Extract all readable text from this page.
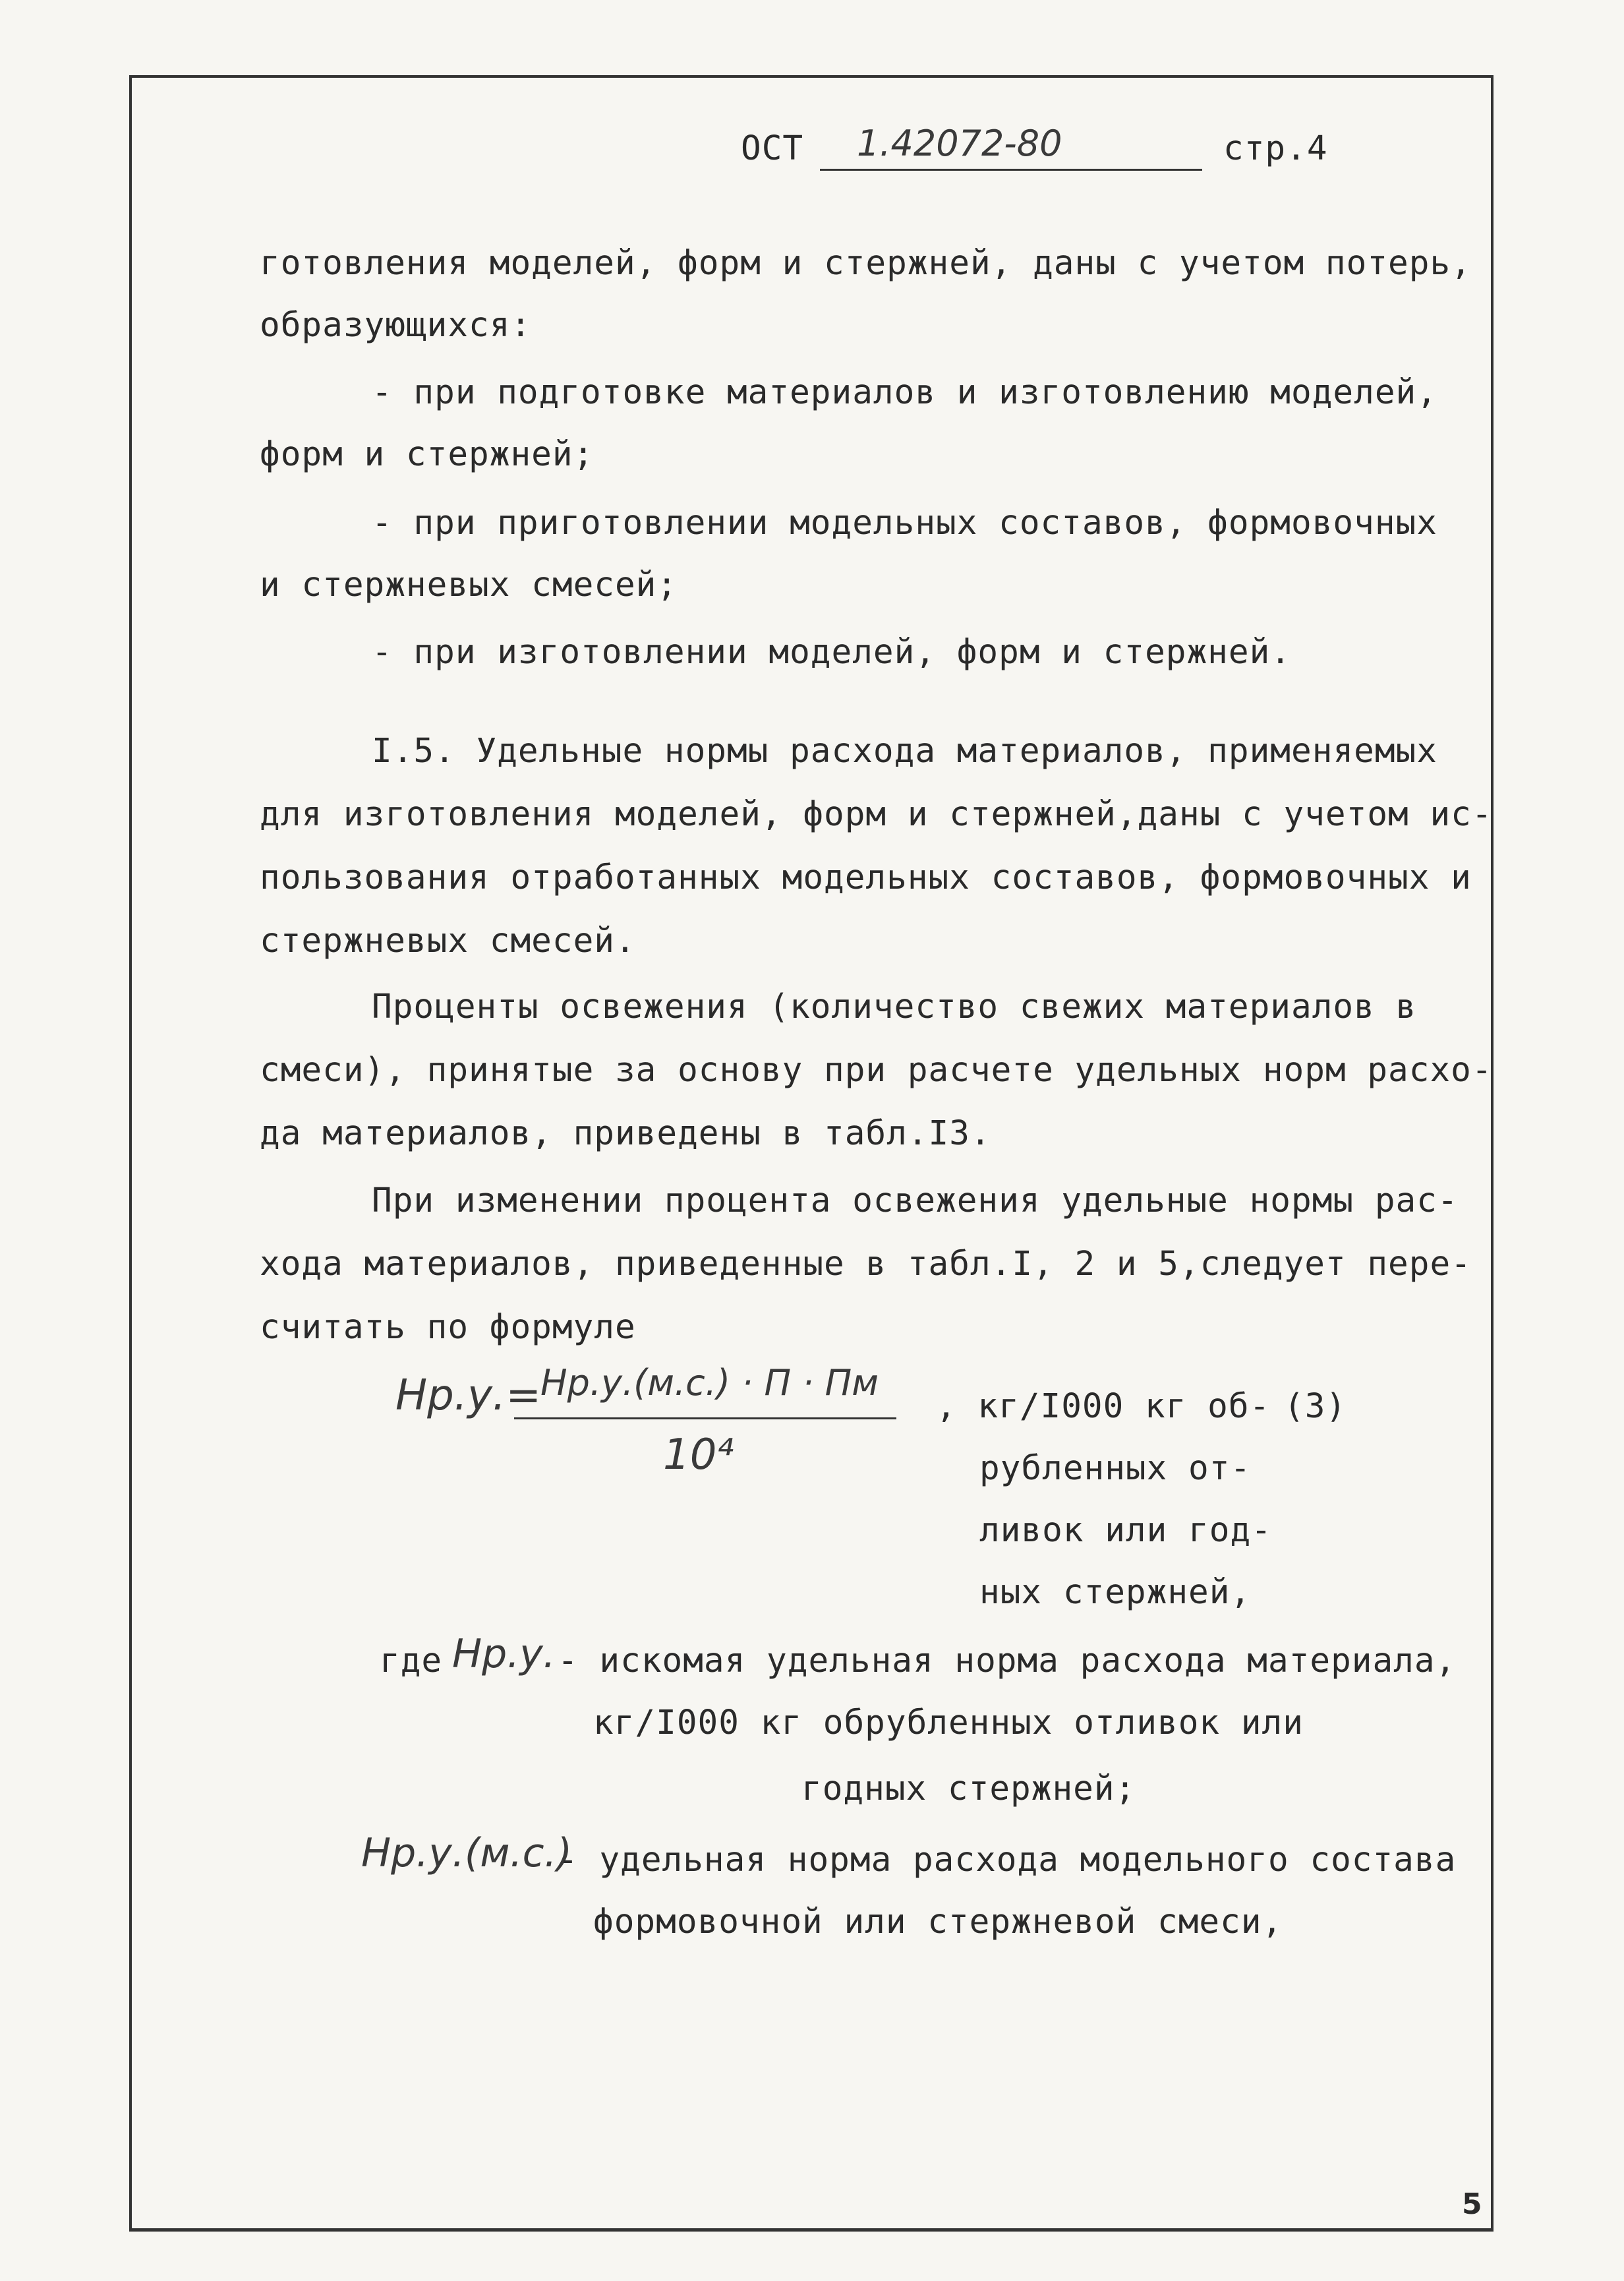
ОСТ 1.42072-80	стр.4
готовления моделей, форм и стержней, даны с учетом потерь,
образующихся:
- при подготовке материалов и изготовлению моделей,
форм и стержней;
- при приготовлении модельных составов, формовочных
и стержневых смесей;
- при изготовлении моделей, форм и стержней.
I.5. Удельные нормы расхода материалов, применяемых
для изготовления моделей, форм и стержней,даны с учетом ис-
пользования отработанных модельных составов, формовочных и
стержневых смесей.
Проценты освежения (количество свежих материалов в
смеси), принятые за основу при расчете удельных норм расхо-
да материалов, приведены в табл.I3.
При изменении процента освежения удельные нормы рас-
хода материалов, приведенные в табл.I, 2 и 5,следует пере-
считать по формуле
Нр.у.= Нр.у.(м.с.) · П · Пм
10⁴
, кг/I000 кг об-
рубленных от-
ливок или год-
ных стержней,
(3)
где Нр.у. - искомая удельная норма расхода материала,
кг/I000 кг обрубленных отливок или
годных стержней;
Нр.у.(м.с.)
- удельная норма расхода модельного состава
формовочной или стержневой смеси,
5
